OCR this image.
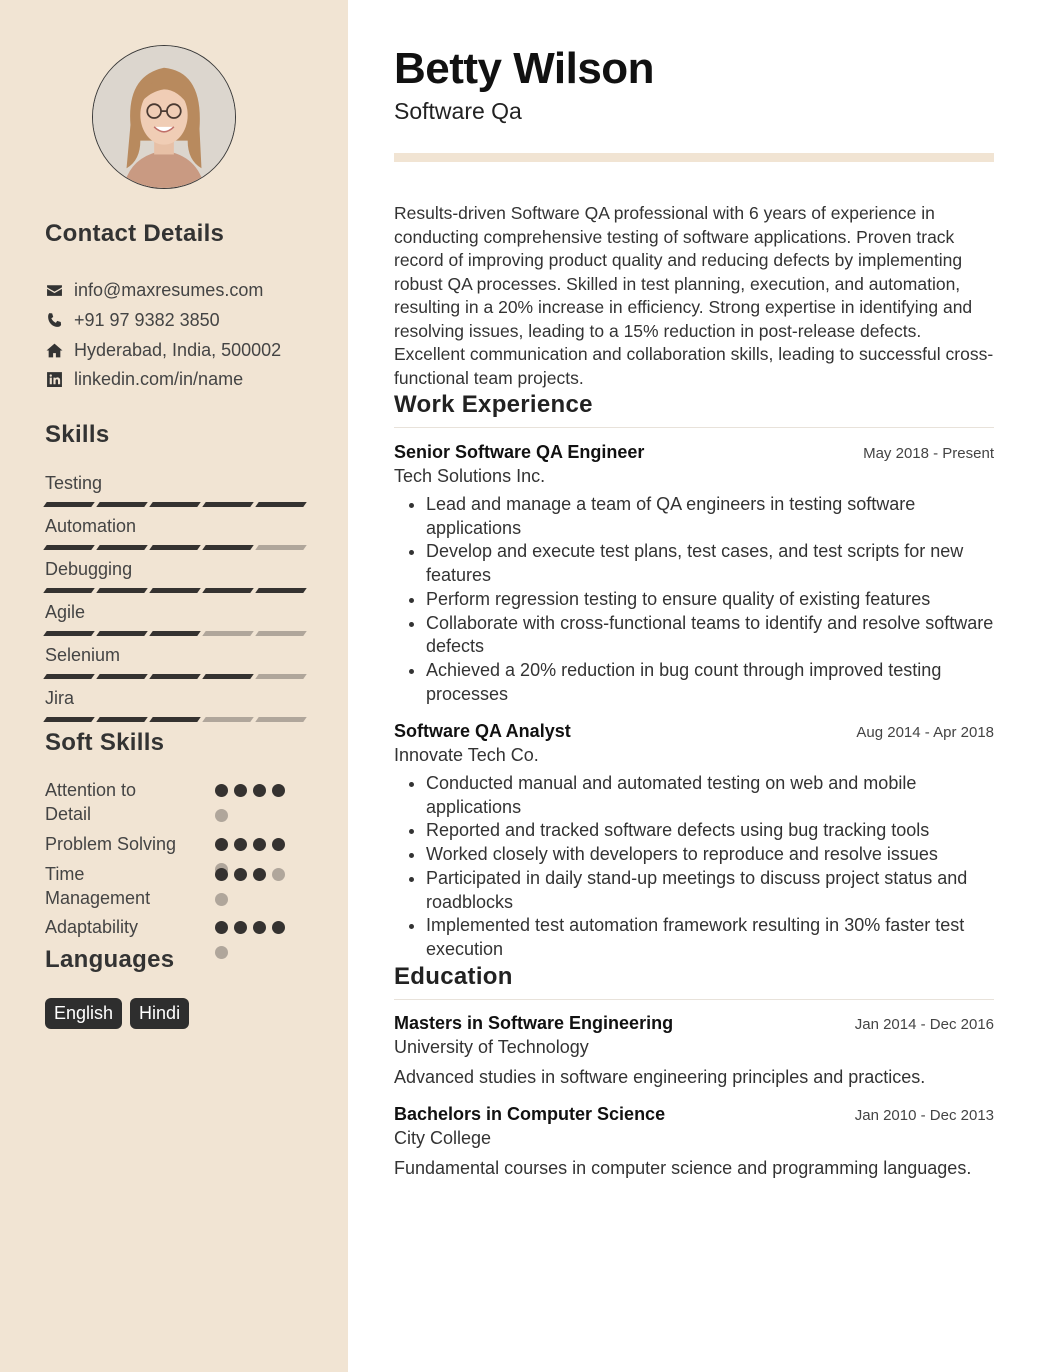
Contact Details
info@maxresumes.com
+91 97 9382 3850
Hyderabad, India, 500002
linkedin.com/in/name
Skills
Testing
Automation
Debugging
Agile
Selenium
Jira
Soft Skills
Attention to Detail
Problem Solving
Time Management
Adaptability
Languages
English	Hindi
Betty Wilson
Software Qa

Results-driven Software QA professional with 6 years of experience in conducting comprehensive testing of software applications. Proven track record of improving product quality and reducing defects by implementing robust QA processes. Skilled in test planning, execution, and automation, resulting in a 20% increase in efficiency. Strong expertise in identifying and resolving issues, leading to a 15% reduction in post-release defects. Excellent communication and collaboration skills, leading to successful cross-functional team projects.

Work Experience
Senior Software QA Engineer	May 2018 - Present
Tech Solutions Inc.
• Lead and manage a team of QA engineers in testing software applications
• Develop and execute test plans, test cases, and test scripts for new features
• Perform regression testing to ensure quality of existing features
• Collaborate with cross-functional teams to identify and resolve software defects
• Achieved a 20% reduction in bug count through improved testing processes
Software QA Analyst	Aug 2014 - Apr 2018
Innovate Tech Co.
• Conducted manual and automated testing on web and mobile applications
• Reported and tracked software defects using bug tracking tools
• Worked closely with developers to reproduce and resolve issues
• Participated in daily stand-up meetings to discuss project status and roadblocks
• Implemented test automation framework resulting in 30% faster test execution
Education
Masters in Software Engineering	Jan 2014 - Dec 2016
University of Technology
Advanced studies in software engineering principles and practices.
Bachelors in Computer Science	Jan 2010 - Dec 2013
City College
Fundamental courses in computer science and programming languages.
